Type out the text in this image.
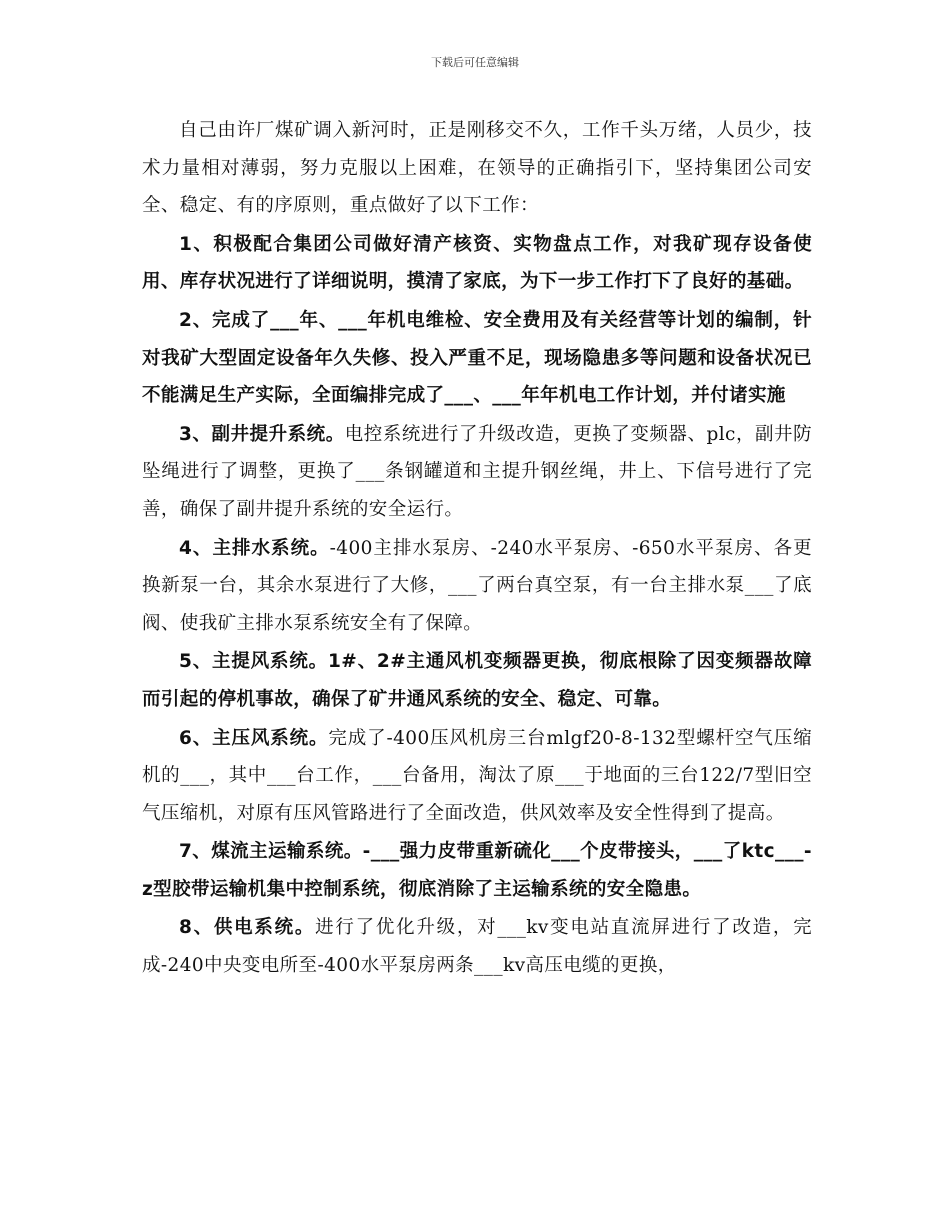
下载后可任意编辑

自己由许厂煤矿调入新河时，正是刚移交不久，工作千头万绪，人员少，技术力量相对薄弱，努力克服以上困难，在领导的正确指引下，坚持集团公司安全、稳定、有的序原则，重点做好了以下工作：

1、积极配合集团公司做好清产核资、实物盘点工作，对我矿现存设备使用、库存状况进行了详细说明，摸清了家底，为下一步工作打下了良好的基础。

2、完成了___年、___年机电维检、安全费用及有关经营等计划的编制，针对我矿大型固定设备年久失修、投入严重不足，现场隐患多等问题和设备状况已不能满足生产实际，全面编排完成了___、___年年机电工作计划，并付诸实施

3、副井提升系统。电控系统进行了升级改造，更换了变频器、plc，副井防坠绳进行了调整，更换了___条钢罐道和主提升钢丝绳，井上、下信号进行了完善，确保了副井提升系统的安全运行。

4、主排水系统。-400主排水泵房、-240水平泵房、-650水平泵房、各更换新泵一台，其余水泵进行了大修，___了两台真空泵，有一台主排水泵___了底阀、使我矿主排水泵系统安全有了保障。

5、主提风系统。1#、2#主通风机变频器更换，彻底根除了因变频器故障而引起的停机事故，确保了矿井通风系统的安全、稳定、可靠。

6、主压风系统。完成了-400压风机房三台mlgf20-8-132型螺杆空气压缩机的___，其中___台工作，___台备用，淘汰了原___于地面的三台122/7型旧空气压缩机，对原有压风管路进行了全面改造，供风效率及安全性得到了提高。

7、煤流主运输系统。-___强力皮带重新硫化___个皮带接头，___了ktc___-z型胶带运输机集中控制系统，彻底消除了主运输系统的安全隐患。

8、供电系统。进行了优化升级，对___kv变电站直流屏进行了改造，完成-240中央变电所至-400水平泵房两条___kv高压电缆的更换，
